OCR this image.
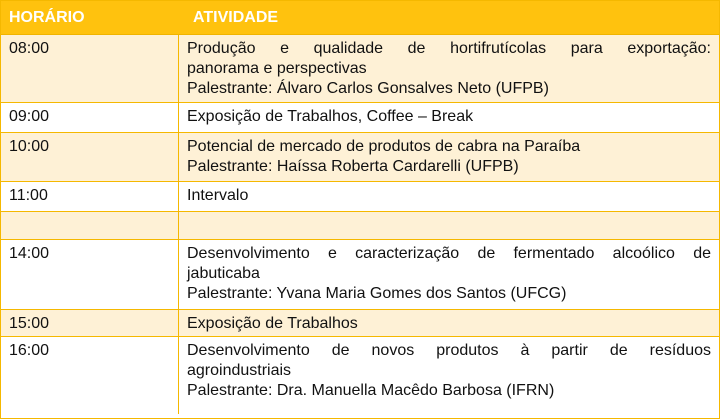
HORÁRIO	ATIVIDADE
08:00	Produção e qualidade de hortifrutícolas para exportação:
panorama e perspectivas
Palestrante: Álvaro Carlos Gonsalves Neto (UFPB)
09:00	Exposição de Trabalhos, Coffee – Break
10:00	Potencial de mercado de produtos de cabra na Paraíba
Palestrante: Haíssa Roberta Cardarelli (UFPB)
11:00	Intervalo
14:00	Desenvolvimento e caracterização de fermentado alcoólico de
jabuticaba
Palestrante: Yvana Maria Gomes dos Santos (UFCG)
15:00	Exposição de Trabalhos
16:00	Desenvolvimento de novos produtos à partir de resíduos
agroindustriais
Palestrante: Dra. Manuella Macêdo Barbosa (IFRN)
